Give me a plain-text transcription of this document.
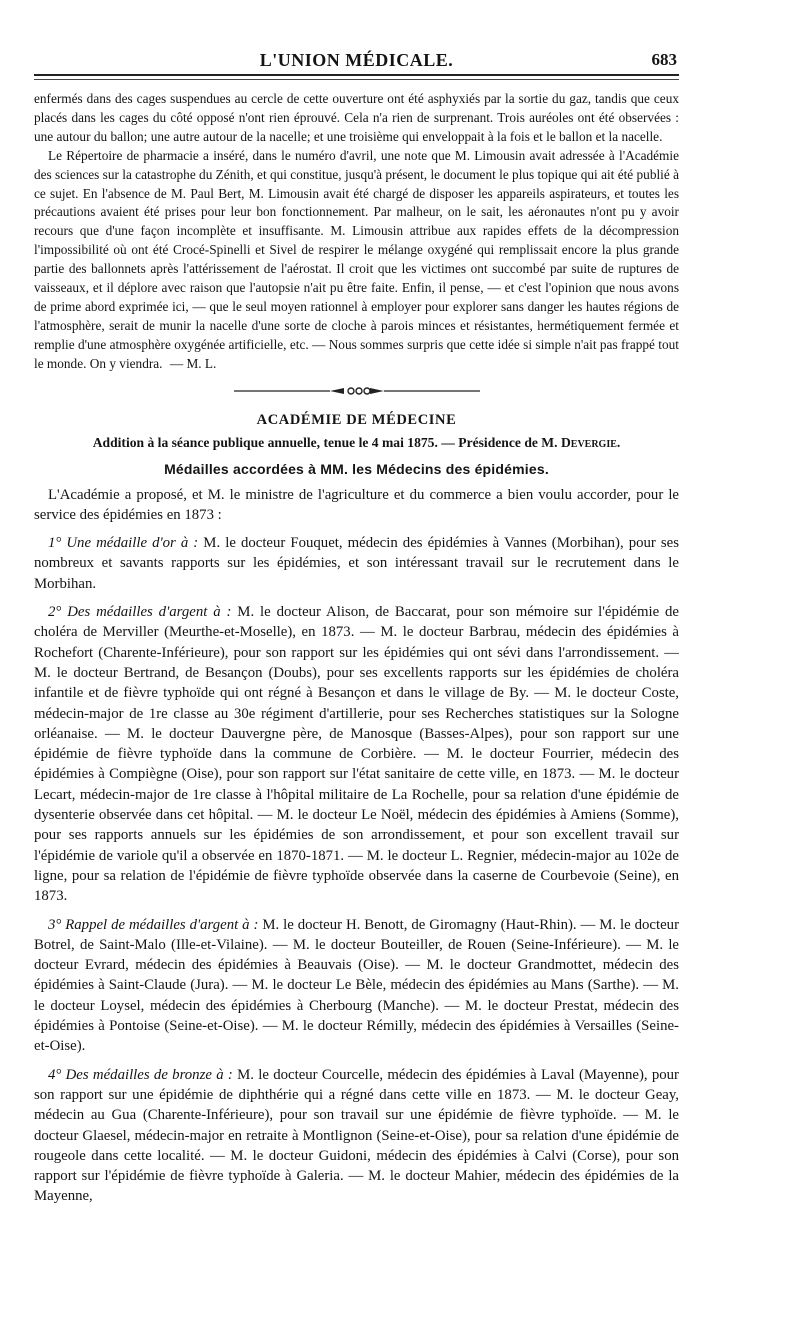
L'UNION MÉDICALE.	683

enfermés dans des cages suspendues au cercle de cette ouverture ont été asphyxiés par la sortie du gaz, tandis que ceux placés dans les cages du côté opposé n'ont rien éprouvé. Cela n'a rien de surprenant. Trois auréoles ont été observées : une autour du ballon; une autre autour de la nacelle; et une troisième qui enveloppait à la fois et le ballon et la nacelle.

Le Répertoire de pharmacie a inséré, dans le numéro d'avril, une note que M. Limousin avait adressée à l'Académie des sciences sur la catastrophe du Zénith, et qui constitue, jusqu'à présent, le document le plus topique qui ait été publié à ce sujet. En l'absence de M. Paul Bert, M. Limousin avait été chargé de disposer les appareils aspirateurs, et toutes les précautions avaient été prises pour leur bon fonctionnement. Par malheur, on le sait, les aéronautes n'ont pu y avoir recours que d'une façon incomplète et insuffisante. M. Limousin attribue aux rapides effets de la décompression l'impossibilité où ont été Crocé-Spinelli et Sivel de respirer le mélange oxygéné qui remplissait encore la plus grande partie des ballonnets après l'attérissement de l'aérostat. Il croit que les victimes ont succombé par suite de ruptures de vaisseaux, et il déplore avec raison que l'autopsie n'ait pu être faite. Enfin, il pense, — et c'est l'opinion que nous avons de prime abord exprimée ici, — que le seul moyen rationnel à employer pour explorer sans danger les hautes régions de l'atmosphère, serait de munir la nacelle d'une sorte de cloche à parois minces et résistantes, hermétiquement fermée et remplie d'une atmosphère oxygénée artificielle, etc. — Nous sommes surpris que cette idée si simple n'ait pas frappé tout le monde. On y viendra. — M. L.

ACADÉMIE DE MÉDECINE
Addition à la séance publique annuelle, tenue le 4 mai 1875. — Présidence de M. Devergie.
Médailles accordées à MM. les Médecins des épidémies.

L'Académie a proposé, et M. le ministre de l'agriculture et du commerce a bien voulu accorder, pour le service des épidémies en 1873 :

1° Une médaille d'or à : M. le docteur Fouquet, médecin des épidémies à Vannes (Morbihan), pour ses nombreux et savants rapports sur les épidémies, et son intéressant travail sur le recrutement dans le Morbihan.

2° Des médailles d'argent à : M. le docteur Alison, de Baccarat, pour son mémoire sur l'épidémie de choléra de Merviller (Meurthe-et-Moselle), en 1873. — M. le docteur Barbrau, médecin des épidémies à Rochefort (Charente-Inférieure), pour son rapport sur les épidémies qui ont sévi dans l'arrondissement. — M. le docteur Bertrand, de Besançon (Doubs), pour ses excellents rapports sur les épidémies de choléra infantile et de fièvre typhoïde qui ont régné à Besançon et dans le village de By. — M. le docteur Coste, médecin-major de 1re classe au 30e régiment d'artillerie, pour ses Recherches statistiques sur la Sologne orléanaise. — M. le docteur Dauvergne père, de Manosque (Basses-Alpes), pour son rapport sur une épidémie de fièvre typhoïde dans la commune de Corbière. — M. le docteur Fourrier, médecin des épidémies à Compiègne (Oise), pour son rapport sur l'état sanitaire de cette ville, en 1873. — M. le docteur Lecart, médecin-major de 1re classe à l'hôpital militaire de La Rochelle, pour sa relation d'une épidémie de dysenterie observée dans cet hôpital. — M. le docteur Le Noël, médecin des épidémies à Amiens (Somme), pour ses rapports annuels sur les épidémies de son arrondissement, et pour son excellent travail sur l'épidémie de variole qu'il a observée en 1870-1871. — M. le docteur L. Regnier, médecin-major au 102e de ligne, pour sa relation de l'épidémie de fièvre typhoïde observée dans la caserne de Courbevoie (Seine), en 1873.

3° Rappel de médailles d'argent à : M. le docteur H. Benott, de Giromagny (Haut-Rhin). — M. le docteur Botrel, de Saint-Malo (Ille-et-Vilaine). — M. le docteur Bouteiller, de Rouen (Seine-Inférieure). — M. le docteur Evrard, médecin des épidémies à Beauvais (Oise). — M. le docteur Grandmottet, médecin des épidémies à Saint-Claude (Jura). — M. le docteur Le Bèle, médecin des épidémies au Mans (Sarthe). — M. le docteur Loysel, médecin des épidémies à Cherbourg (Manche). — M. le docteur Prestat, médecin des épidémies à Pontoise (Seine-et-Oise). — M. le docteur Rémilly, médecin des épidémies à Versailles (Seine-et-Oise).

4° Des médailles de bronze à : M. le docteur Courcelle, médecin des épidémies à Laval (Mayenne), pour son rapport sur une épidémie de diphthérie qui a régné dans cette ville en 1873. — M. le docteur Geay, médecin au Gua (Charente-Inférieure), pour son travail sur une épidémie de fièvre typhoïde. — M. le docteur Glaesel, médecin-major en retraite à Montlignon (Seine-et-Oise), pour sa relation d'une épidémie de rougeole dans cette localité. — M. le docteur Guidoni, médecin des épidémies à Calvi (Corse), pour son rapport sur l'épidémie de fièvre typhoïde à Galeria. — M. le docteur Mahier, médecin des épidémies de la Mayenne,
